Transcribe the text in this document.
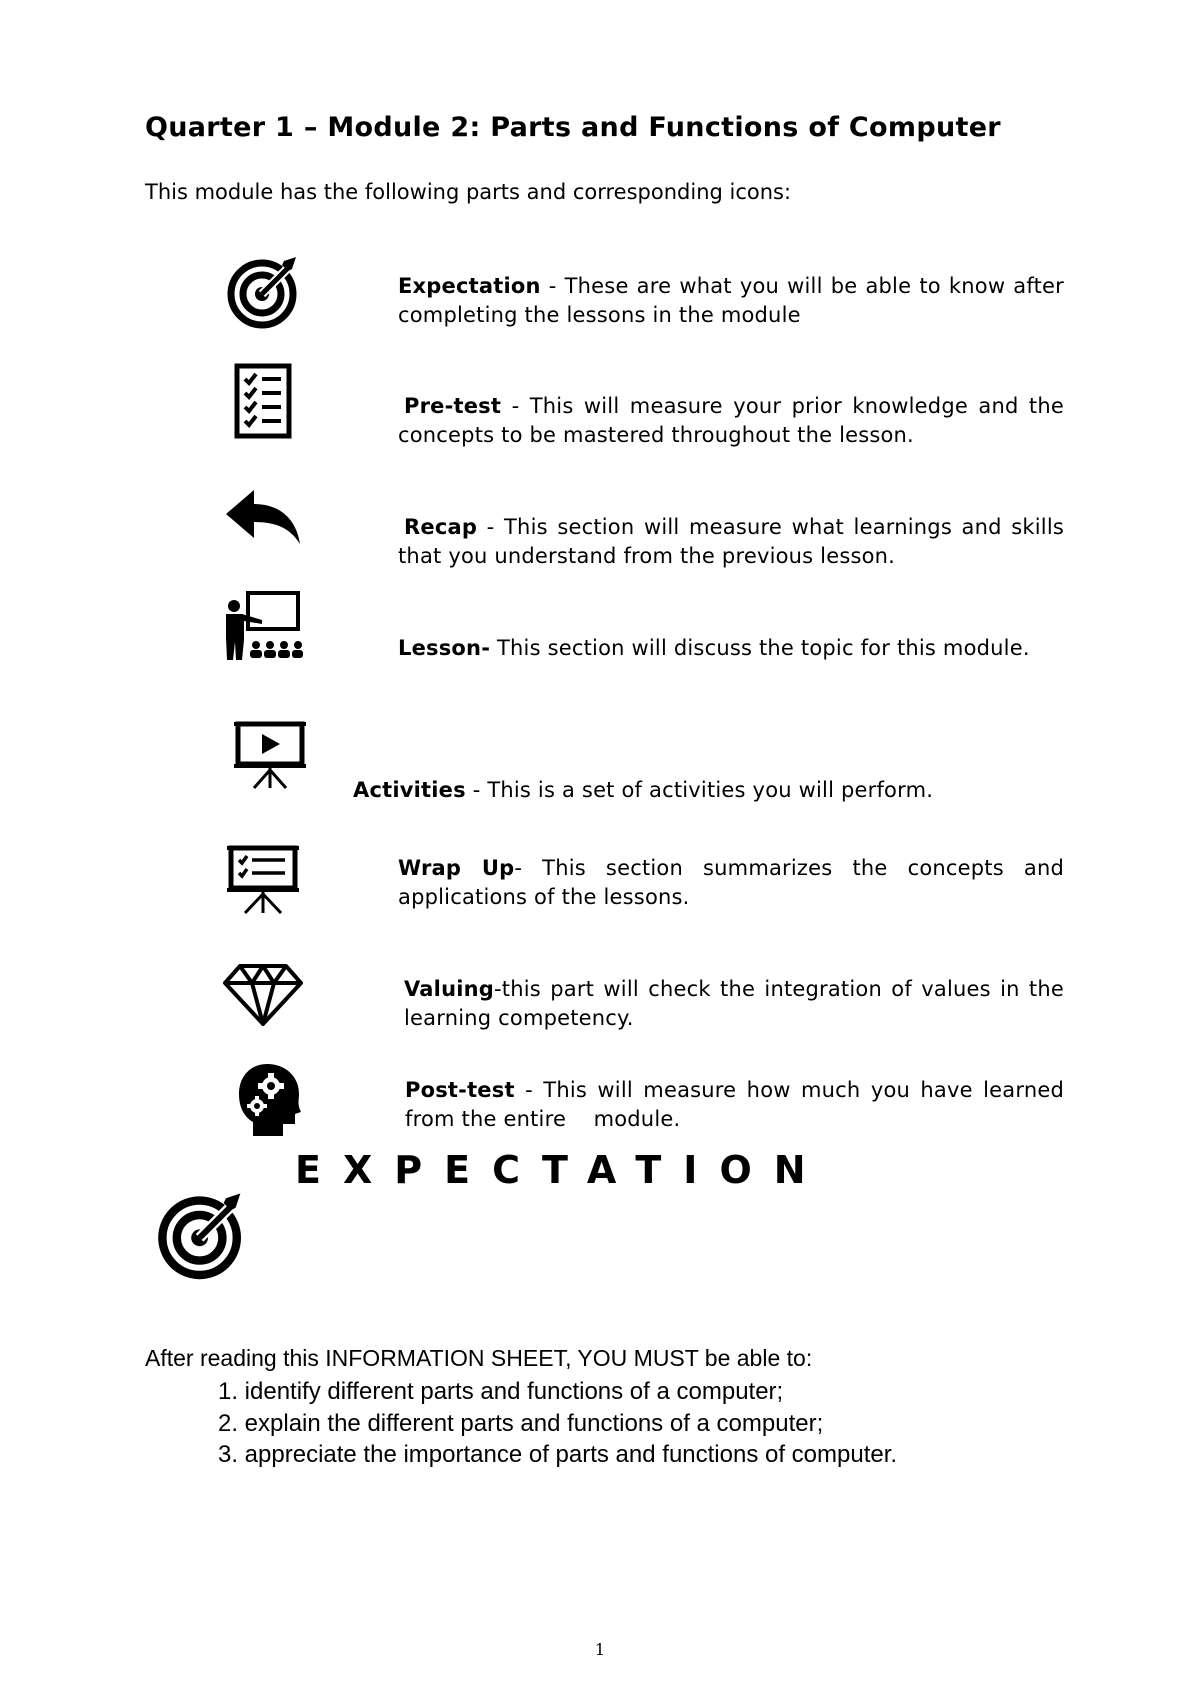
Quarter 1 – Module 2: Parts and Functions of Computer
This module has the following parts and corresponding icons:
Expectation - These are what you will be able to know after completing the lessons in the module
Pre-test - This will measure your prior knowledge and the concepts to be mastered throughout the lesson.
Recap - This section will measure what learnings and skills that you understand from the previous lesson.
Lesson- This section will discuss the topic for this module.
Activities - This is a set of activities you will perform.
Wrap Up- This section summarizes the concepts and applications of the lessons.
Valuing-this part will check the integration of values in the learning competency.
Post-test - This will measure how much you have learned from the entire    module.
EXPECTATION
After reading this INFORMATION SHEET, YOU MUST be able to:
1. identify different parts and functions of a computer;
2. explain the different parts and functions of a computer;
3. appreciate the importance of parts and functions of computer.
1
